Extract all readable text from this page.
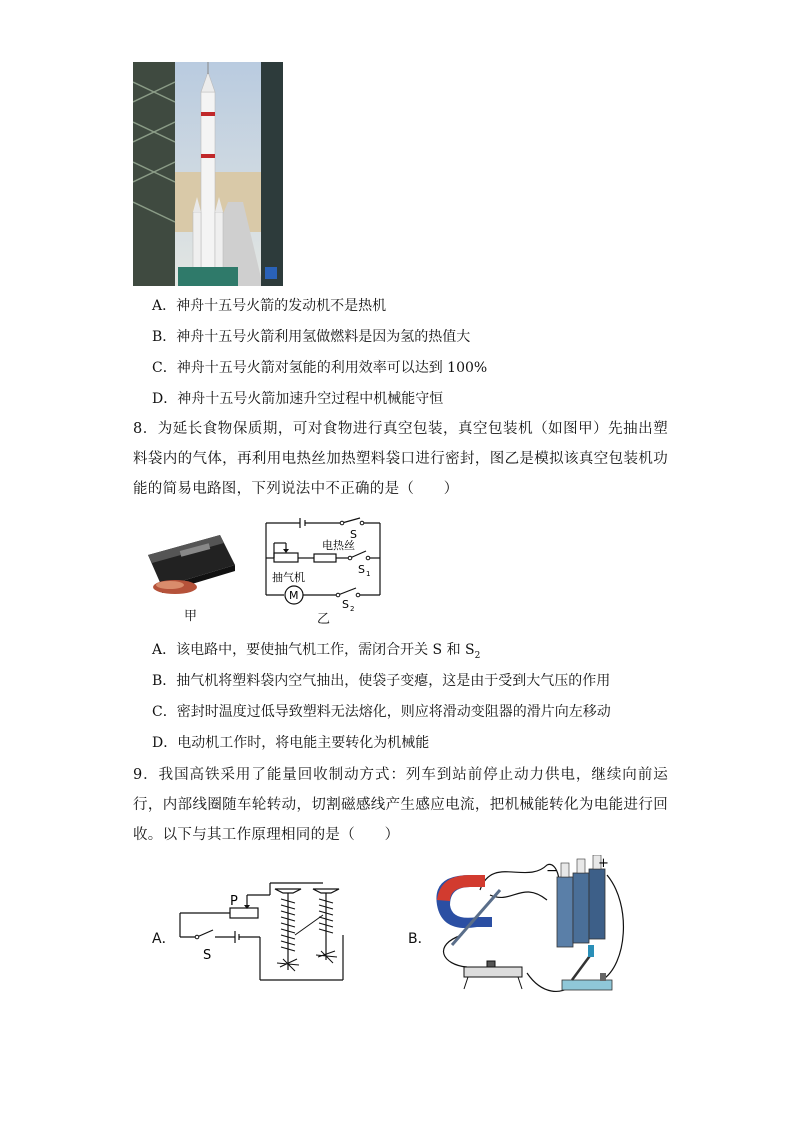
A．神舟十五号火箭的发动机不是热机
B．神舟十五号火箭利用氢做燃料是因为氢的热值大
C．神舟十五号火箭对氢能的利用效率可以达到 100%
D．神舟十五号火箭加速升空过程中机械能守恒
8．为延长食物保质期，可对食物进行真空包装，真空包装机（如图甲）先抽出塑料袋内的气体，再利用电热丝加热塑料袋口进行密封，图乙是模拟该真空包装机功能的简易电路图，下列说法中不正确的是（　　）
甲
S
电热丝
S 1
抽气机
M
S 2
乙
A．该电路中，要使抽气机工作，需闭合开关 S 和 $S_2$
B．抽气机将塑料袋内空气抽出，使袋子变瘪，这是由于受到大气压的作用
C．密封时温度过低导致塑料无法熔化，则应将滑动变阻器的滑片向左移动
D．电动机工作时，将电能主要转化为机械能
9．我国高铁采用了能量回收制动方式：列车到站前停止动力供电，继续向前运行，内部线圈随车轮转动，切割磁感线产生感应电流，把机械能转化为电能进行回收。以下与其工作原理相同的是（　　）
A．
P
S
B．
−	+
